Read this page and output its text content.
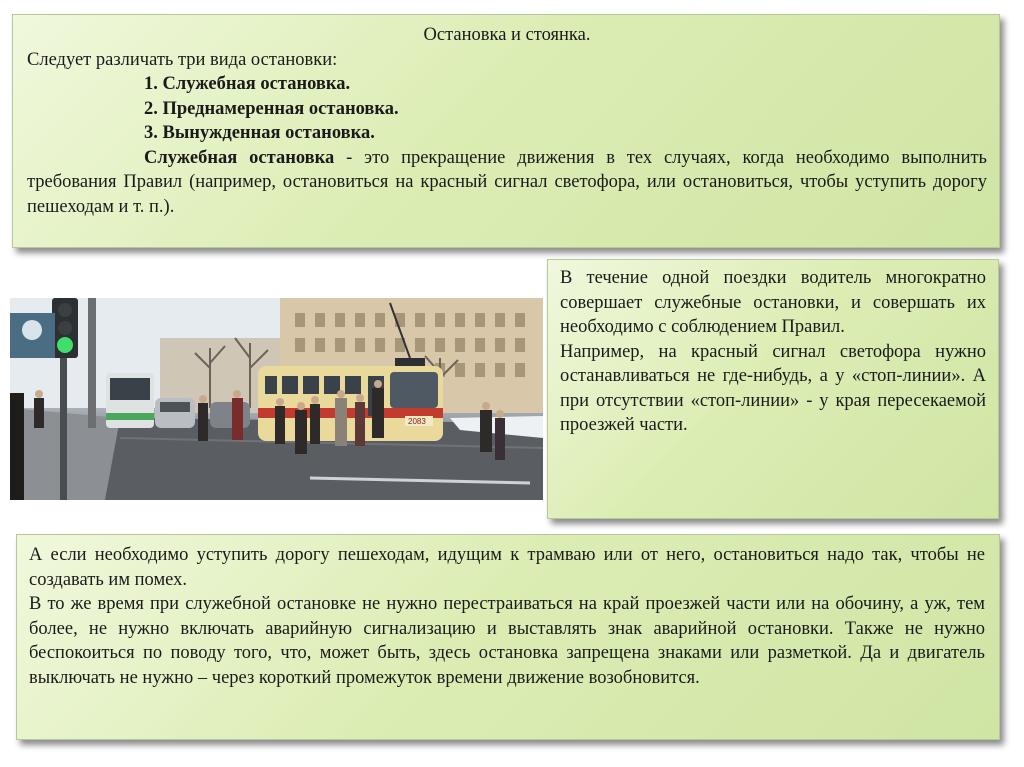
Остановка и стоянка.

Следует различать три вида остановки:

1. Служебная остановка.

2. Преднамеренная остановка.

3. Вынужденная остановка.

Служебная остановка - это прекращение движения в тех случаях, когда необходимо выполнить требования Правил (например, остановиться на красный сигнал светофора, или остановиться, чтобы уступить дорогу пешеходам и т. п.).

2083

В течение одной поездки водитель многократно совершает служебные остановки, и совершать их необходимо с соблюдением Правил.

Например, на красный сигнал светофора нужно останавливаться не где-нибудь, а у «стоп-линии». А при отсутствии «стоп-линии» - у края пересекаемой проезжей части.

А если необходимо уступить дорогу пешеходам, идущим к трамваю или от него, остановиться надо так, чтобы не создавать им помех.

В то же время при служебной остановке не нужно перестраиваться на край проезжей части или на обочину, а уж, тем более, не нужно включать аварийную сигнализацию и выставлять знак аварийной остановки. Также не нужно беспокоиться по поводу того, что, может быть, здесь остановка запрещена знаками или разметкой. Да и двигатель выключать не нужно – через короткий промежуток времени движение возобновится.
